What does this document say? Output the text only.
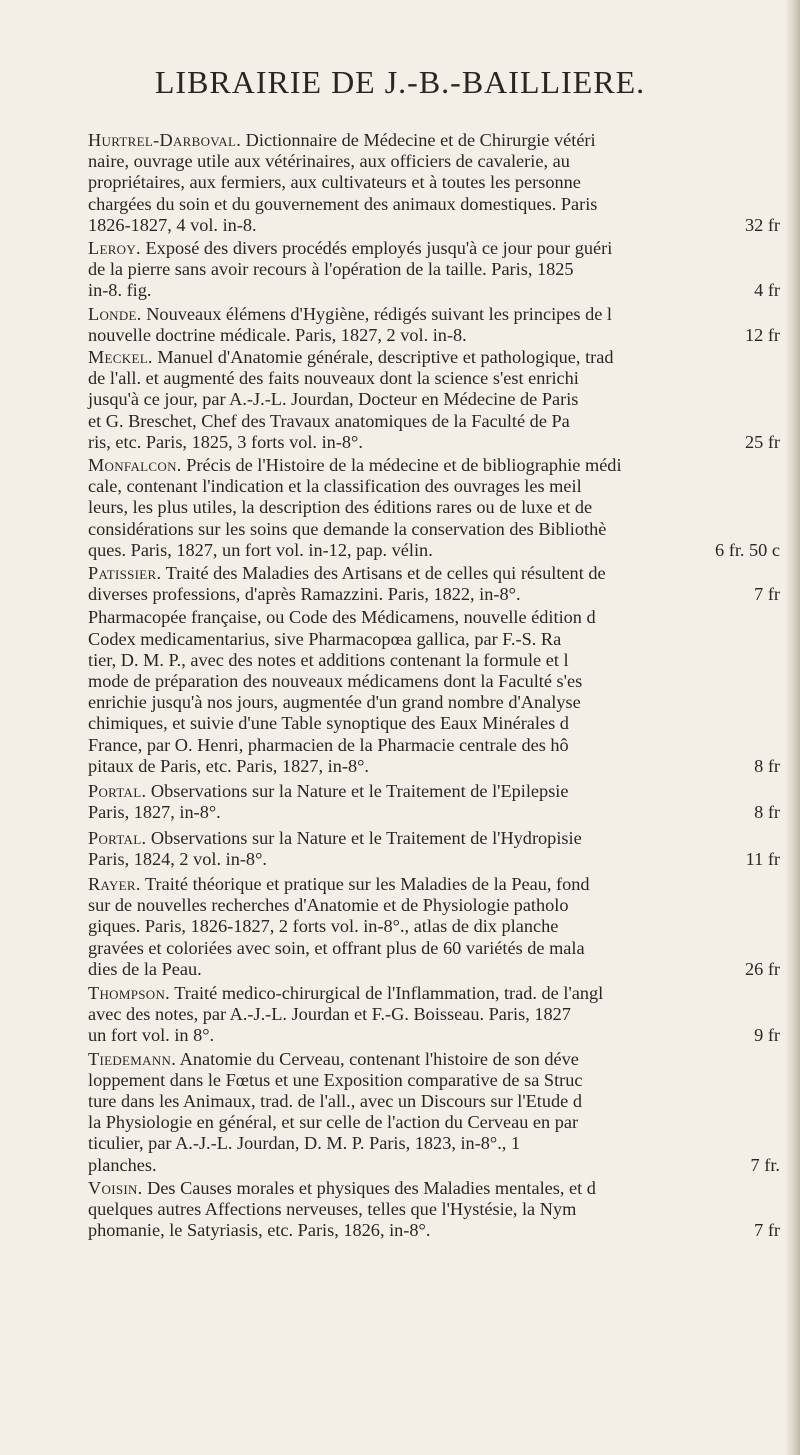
LIBRAIRIE DE J.-B.-BAILLIERE.
Hurtrel-Darboval. Dictionnaire de Médecine et de Chirurgie vétéri
naire, ouvrage utile aux vétérinaires, aux officiers de cavalerie, au
propriétaires, aux fermiers, aux cultivateurs et à toutes les personne
chargées du soin et du gouvernement des animaux domestiques. Paris
1826-1827, 4 vol. in-8.	32 fr
Leroy. Exposé des divers procédés employés jusqu'à ce jour pour guéri
de la pierre sans avoir recours à l'opération de la taille. Paris, 1825
in-8. fig.	4 fr
Londe. Nouveaux élémens d'Hygiène, rédigés suivant les principes de l
nouvelle doctrine médicale. Paris, 1827, 2 vol. in-8.	12 fr
Meckel. Manuel d'Anatomie générale, descriptive et pathologique, trad
de l'all. et augmenté des faits nouveaux dont la science s'est enrichi
jusqu'à ce jour, par A.-J.-L. Jourdan, Docteur en Médecine de Paris
et G. Breschet, Chef des Travaux anatomiques de la Faculté de Pa
ris, etc. Paris, 1825, 3 forts vol. in-8°.	25 fr
Monfalcon. Précis de l'Histoire de la médecine et de bibliographie médi
cale, contenant l'indication et la classification des ouvrages les meil
leurs, les plus utiles, la description des éditions rares ou de luxe et de
considérations sur les soins que demande la conservation des Bibliothè
ques. Paris, 1827, un fort vol. in-12, pap. vélin.	6 fr. 50 c
Patissier. Traité des Maladies des Artisans et de celles qui résultent de
diverses professions, d'après Ramazzini. Paris, 1822, in-8°.	7 fr
Pharmacopée française, ou Code des Médicamens, nouvelle édition d
Codex medicamentarius, sive Pharmacopœa gallica, par F.-S. Ra
tier, D. M. P., avec des notes et additions contenant la formule et l
mode de préparation des nouveaux médicamens dont la Faculté s'es
enrichie jusqu'à nos jours, augmentée d'un grand nombre d'Analyse
chimiques, et suivie d'une Table synoptique des Eaux Minérales d
France, par O. Henri, pharmacien de la Pharmacie centrale des hô
pitaux de Paris, etc. Paris, 1827, in-8°.	8 fr
Portal. Observations sur la Nature et le Traitement de l'Epilepsie
Paris, 1827, in-8°.	8 fr
Portal. Observations sur la Nature et le Traitement de l'Hydropisie
Paris, 1824, 2 vol. in-8°.	11 fr
Rayer. Traité théorique et pratique sur les Maladies de la Peau, fond
sur de nouvelles recherches d'Anatomie et de Physiologie patholo
giques. Paris, 1826-1827, 2 forts vol. in-8°., atlas de dix planche
gravées et coloriées avec soin, et offrant plus de 60 variétés de mala
dies de la Peau.	26 fr
Thompson. Traité medico-chirurgical de l'Inflammation, trad. de l'angl
avec des notes, par A.-J.-L. Jourdan et F.-G. Boisseau. Paris, 1827
un fort vol. in 8°.	9 fr
Tiedemann. Anatomie du Cerveau, contenant l'histoire de son déve
loppement dans le Fœtus et une Exposition comparative de sa Struc
ture dans les Animaux, trad. de l'all., avec un Discours sur l'Etude d
la Physiologie en général, et sur celle de l'action du Cerveau en par
ticulier, par A.-J.-L. Jourdan, D. M. P. Paris, 1823, in-8°., 1
planches.	7 fr.
Voisin. Des Causes morales et physiques des Maladies mentales, et d
quelques autres Affections nerveuses, telles que l'Hystésie, la Nym
phomanie, le Satyriasis, etc. Paris, 1826, in-8°.	7 fr
